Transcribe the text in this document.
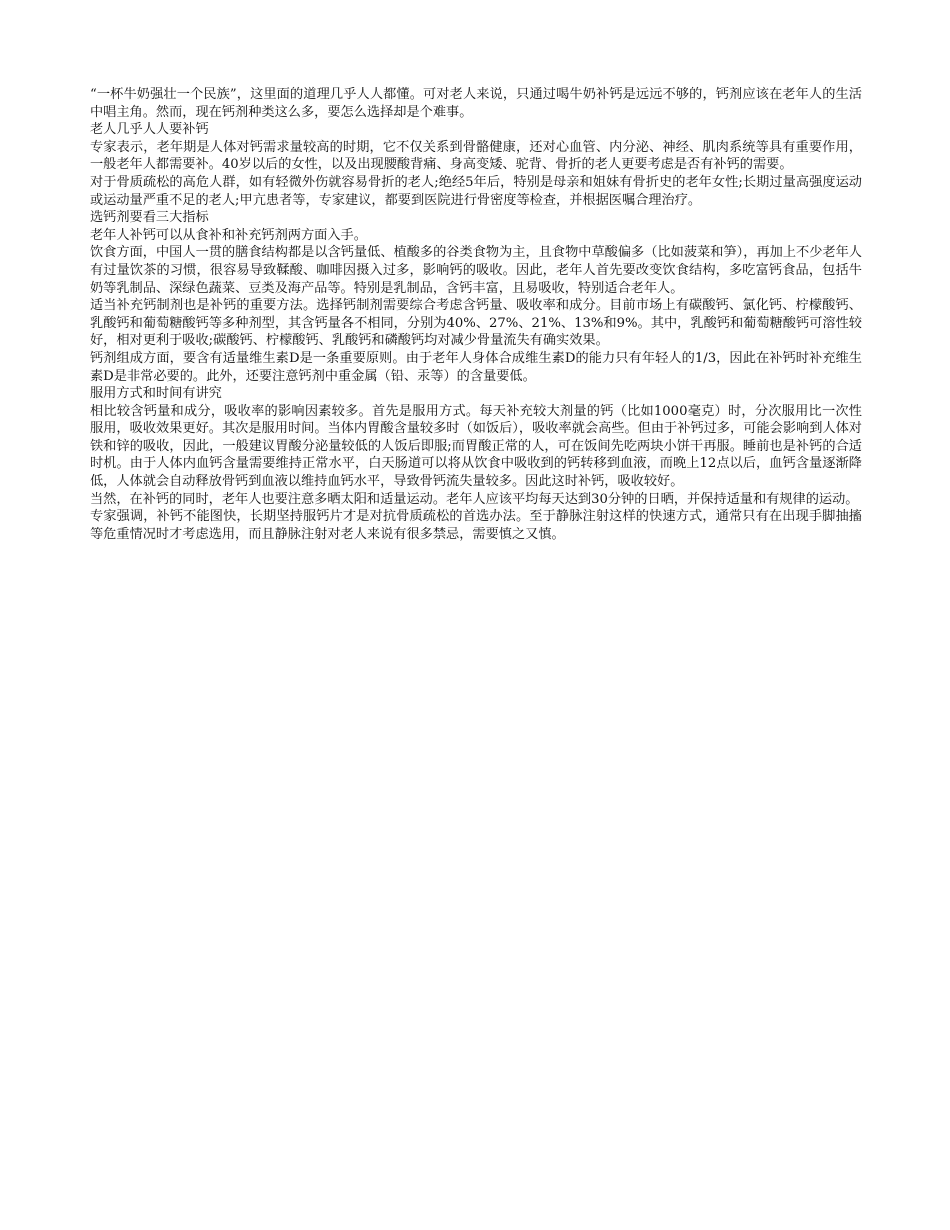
“一杯牛奶强壮一个民族”，这里面的道理几乎人人都懂。可对老人来说，只通过喝牛奶补钙是远远不够的，钙剂应该在老年人的生活中唱主角。然而，现在钙剂种类这么多，要怎么选择却是个难事。

老人几乎人人要补钙

专家表示，老年期是人体对钙需求量较高的时期，它不仅关系到骨骼健康，还对心血管、内分泌、神经、肌肉系统等具有重要作用，一般老年人都需要补。40岁以后的女性，以及出现腰酸背痛、身高变矮、驼背、骨折的老人更要考虑是否有补钙的需要。

对于骨质疏松的高危人群，如有轻微外伤就容易骨折的老人;绝经5年后，特别是母亲和姐妹有骨折史的老年女性;长期过量高强度运动或运动量严重不足的老人;甲亢患者等，专家建议，都要到医院进行骨密度等检查，并根据医嘱合理治疗。

选钙剂要看三大指标

老年人补钙可以从食补和补充钙剂两方面入手。

饮食方面，中国人一贯的膳食结构都是以含钙量低、植酸多的谷类食物为主，且食物中草酸偏多（比如菠菜和笋），再加上不少老年人有过量饮茶的习惯，很容易导致鞣酸、咖啡因摄入过多，影响钙的吸收。因此，老年人首先要改变饮食结构，多吃富钙食品，包括牛奶等乳制品、深绿色蔬菜、豆类及海产品等。特别是乳制品，含钙丰富，且易吸收，特别适合老年人。

适当补充钙制剂也是补钙的重要方法。选择钙制剂需要综合考虑含钙量、吸收率和成分。目前市场上有碳酸钙、氯化钙、柠檬酸钙、乳酸钙和葡萄糖酸钙等多种剂型，其含钙量各不相同，分别为40%、27%、21%、13%和9%。其中，乳酸钙和葡萄糖酸钙可溶性较好，相对更利于吸收;碳酸钙、柠檬酸钙、乳酸钙和磷酸钙均对减少骨量流失有确实效果。

钙剂组成方面，要含有适量维生素D是一条重要原则。由于老年人身体合成维生素D的能力只有年轻人的1/3，因此在补钙时补充维生素D是非常必要的。此外，还要注意钙剂中重金属（铅、汞等）的含量要低。

服用方式和时间有讲究

相比较含钙量和成分，吸收率的影响因素较多。首先是服用方式。每天补充较大剂量的钙（比如1000毫克）时，分次服用比一次性服用，吸收效果更好。其次是服用时间。当体内胃酸含量较多时（如饭后），吸收率就会高些。但由于补钙过多，可能会影响到人体对铁和锌的吸收，因此，一般建议胃酸分泌量较低的人饭后即服;而胃酸正常的人，可在饭间先吃两块小饼干再服。睡前也是补钙的合适时机。由于人体内血钙含量需要维持正常水平，白天肠道可以将从饮食中吸收到的钙转移到血液，而晚上12点以后，血钙含量逐渐降低，人体就会自动释放骨钙到血液以维持血钙水平，导致骨钙流失量较多。因此这时补钙，吸收较好。

当然，在补钙的同时，老年人也要注意多晒太阳和适量运动。老年人应该平均每天达到30分钟的日晒，并保持适量和有规律的运动。

专家强调，补钙不能图快，长期坚持服钙片才是对抗骨质疏松的首选办法。至于静脉注射这样的快速方式，通常只有在出现手脚抽搐等危重情况时才考虑选用，而且静脉注射对老人来说有很多禁忌，需要慎之又慎。
